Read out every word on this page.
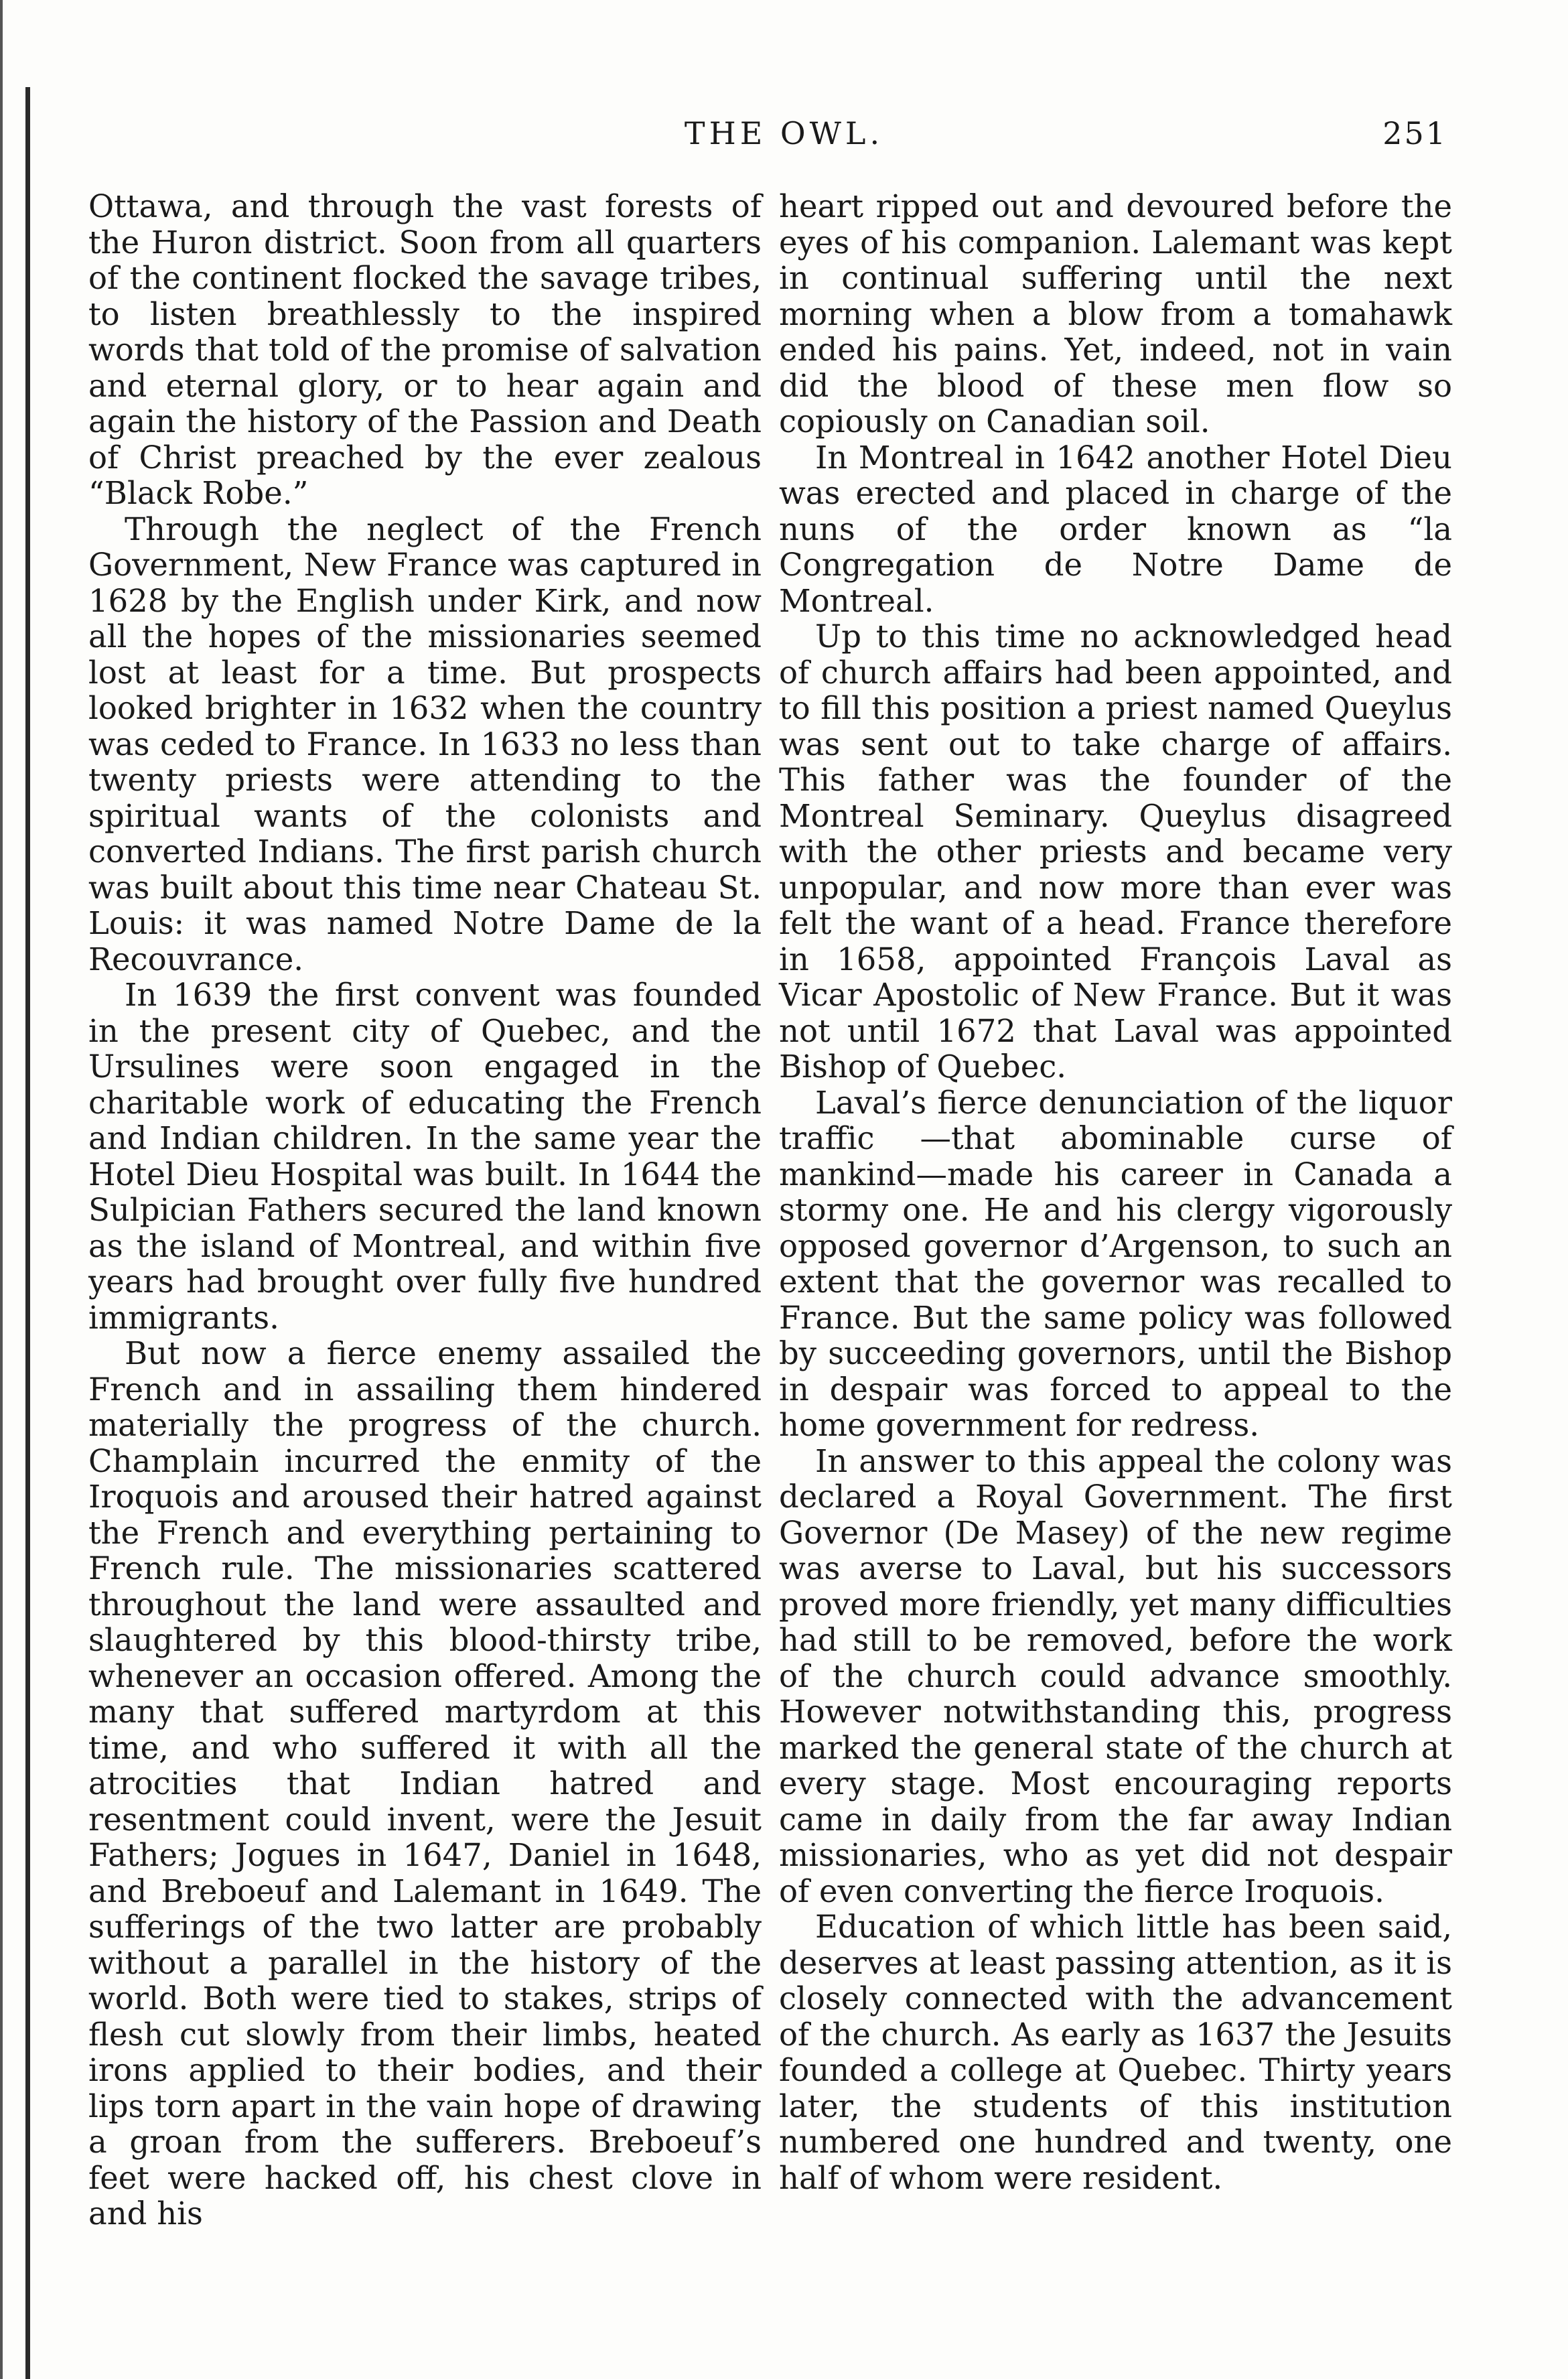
THE OWL.	251

Ottawa, and through the vast forests of the Huron district. Soon from all quarters of the continent flocked the savage tribes, to listen breathlessly to the inspired words that told of the promise of salvation and eternal glory, or to hear again and again the history of the Passion and Death of Christ preached by the ever zealous “Black Robe.”

Through the neglect of the French Government, New France was captured in 1628 by the English under Kirk, and now all the hopes of the missionaries seemed lost at least for a time. But prospects looked brighter in 1632 when the country was ceded to France. In 1633 no less than twenty priests were attending to the spiritual wants of the colonists and converted Indians. The first parish church was built about this time near Chateau St. Louis: it was named Notre Dame de la Recouvrance.

In 1639 the first convent was founded in the present city of Quebec, and the Ursulines were soon engaged in the charitable work of educating the French and Indian children. In the same year the Hotel Dieu Hospital was built. In 1644 the Sulpician Fathers secured the land known as the island of Montreal, and within five years had brought over fully five hundred immigrants.

But now a fierce enemy assailed the French and in assailing them hindered materially the progress of the church. Champlain incurred the enmity of the Iroquois and aroused their hatred against the French and everything pertaining to French rule. The missionaries scattered throughout the land were assaulted and slaughtered by this blood-thirsty tribe, whenever an occasion offered. Among the many that suffered martyrdom at this time, and who suffered it with all the atrocities that Indian hatred and resentment could invent, were the Jesuit Fathers; Jogues in 1647, Daniel in 1648, and Breboeuf and Lalemant in 1649. The sufferings of the two latter are probably without a parallel in the history of the world. Both were tied to stakes, strips of flesh cut slowly from their limbs, heated irons applied to their bodies, and their lips torn apart in the vain hope of drawing a groan from the sufferers. Breboeuf’s feet were hacked off, his chest clove in and his

heart ripped out and devoured before the eyes of his companion. Lalemant was kept in continual suffering until the next morning when a blow from a tomahawk ended his pains. Yet, indeed, not in vain did the blood of these men flow so copiously on Canadian soil.

In Montreal in 1642 another Hotel Dieu was erected and placed in charge of the nuns of the order known as “la Congregation de Notre Dame de Montreal.

Up to this time no acknowledged head of church affairs had been appointed, and to fill this position a priest named Queylus was sent out to take charge of affairs. This father was the founder of the Montreal Seminary. Queylus disagreed with the other priests and became very unpopular, and now more than ever was felt the want of a head. France therefore in 1658, appointed François Laval as Vicar Apostolic of New France. But it was not until 1672 that Laval was appointed Bishop of Quebec.

Laval’s fierce denunciation of the liquor traffic —that abominable curse of mankind—made his career in Canada a stormy one. He and his clergy vigorously opposed governor d’Argenson, to such an extent that the governor was recalled to France. But the same policy was followed by succeeding governors, until the Bishop in despair was forced to appeal to the home government for redress.

In answer to this appeal the colony was declared a Royal Government. The first Governor (De Masey) of the new regime was averse to Laval, but his successors proved more friendly, yet many difficulties had still to be removed, before the work of the church could advance smoothly. However notwithstanding this, progress marked the general state of the church at every stage. Most encouraging reports came in daily from the far away Indian missionaries, who as yet did not despair of even converting the fierce Iroquois.

Education of which little has been said, deserves at least passing attention, as it is closely connected with the advancement of the church. As early as 1637 the Jesuits founded a college at Quebec. Thirty years later, the students of this institution numbered one hundred and twenty, one half of whom were resident.
